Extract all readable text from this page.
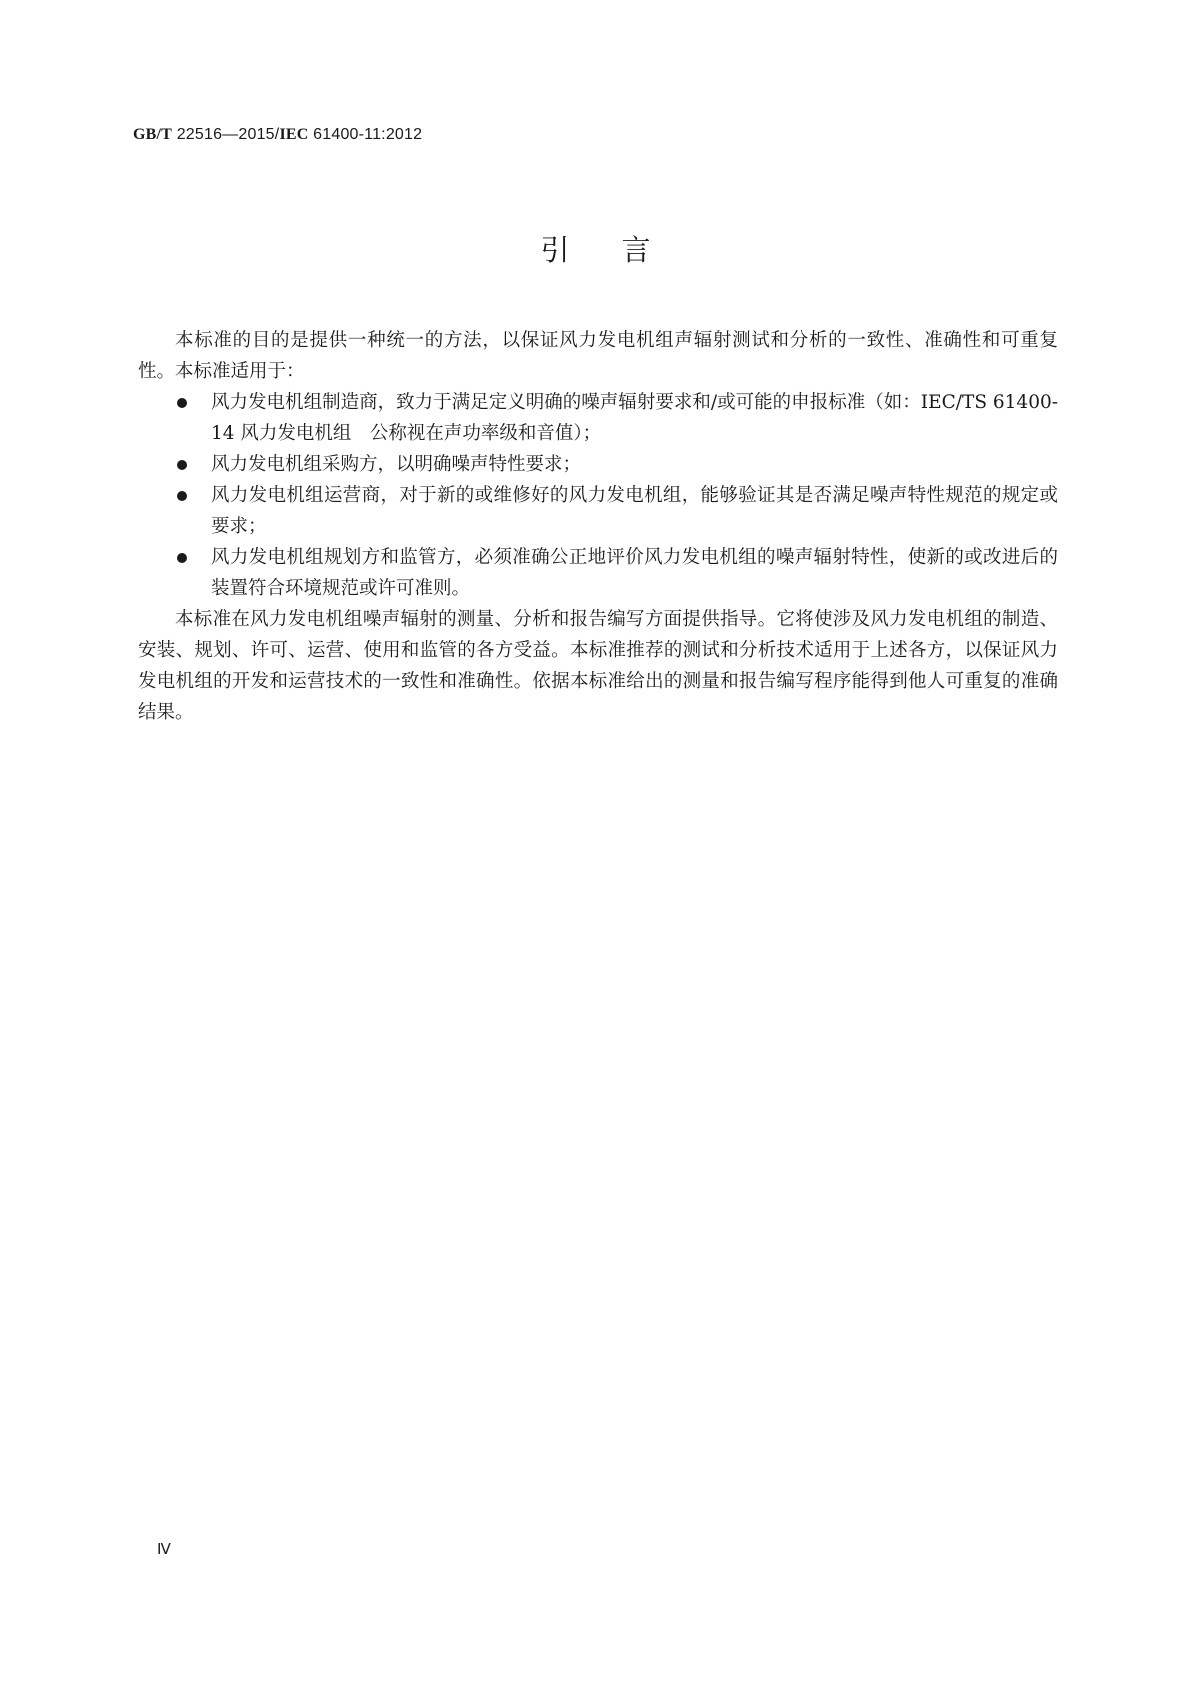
GB/T 22516—2015/IEC 61400-11:2012
引言

本标准的目的是提供一种统一的方法，以保证风力发电机组声辐射测试和分析的一致性、准确性和可重复性。本标准适用于：

风力发电机组制造商，致力于满足定义明确的噪声辐射要求和/或可能的申报标准（如：IEC/TS 61400-14 风力发电机组　公称视在声功率级和音值）；
风力发电机组采购方，以明确噪声特性要求；
风力发电机组运营商，对于新的或维修好的风力发电机组，能够验证其是否满足噪声特性规范的规定或要求；
风力发电机组规划方和监管方，必须准确公正地评价风力发电机组的噪声辐射特性，使新的或改进后的装置符合环境规范或许可准则。

本标准在风力发电机组噪声辐射的测量、分析和报告编写方面提供指导。它将使涉及风力发电机组的制造、安装、规划、许可、运营、使用和监管的各方受益。本标准推荐的测试和分析技术适用于上述各方，以保证风力发电机组的开发和运营技术的一致性和准确性。依据本标准给出的测量和报告编写程序能得到他人可重复的准确结果。

Ⅳ
